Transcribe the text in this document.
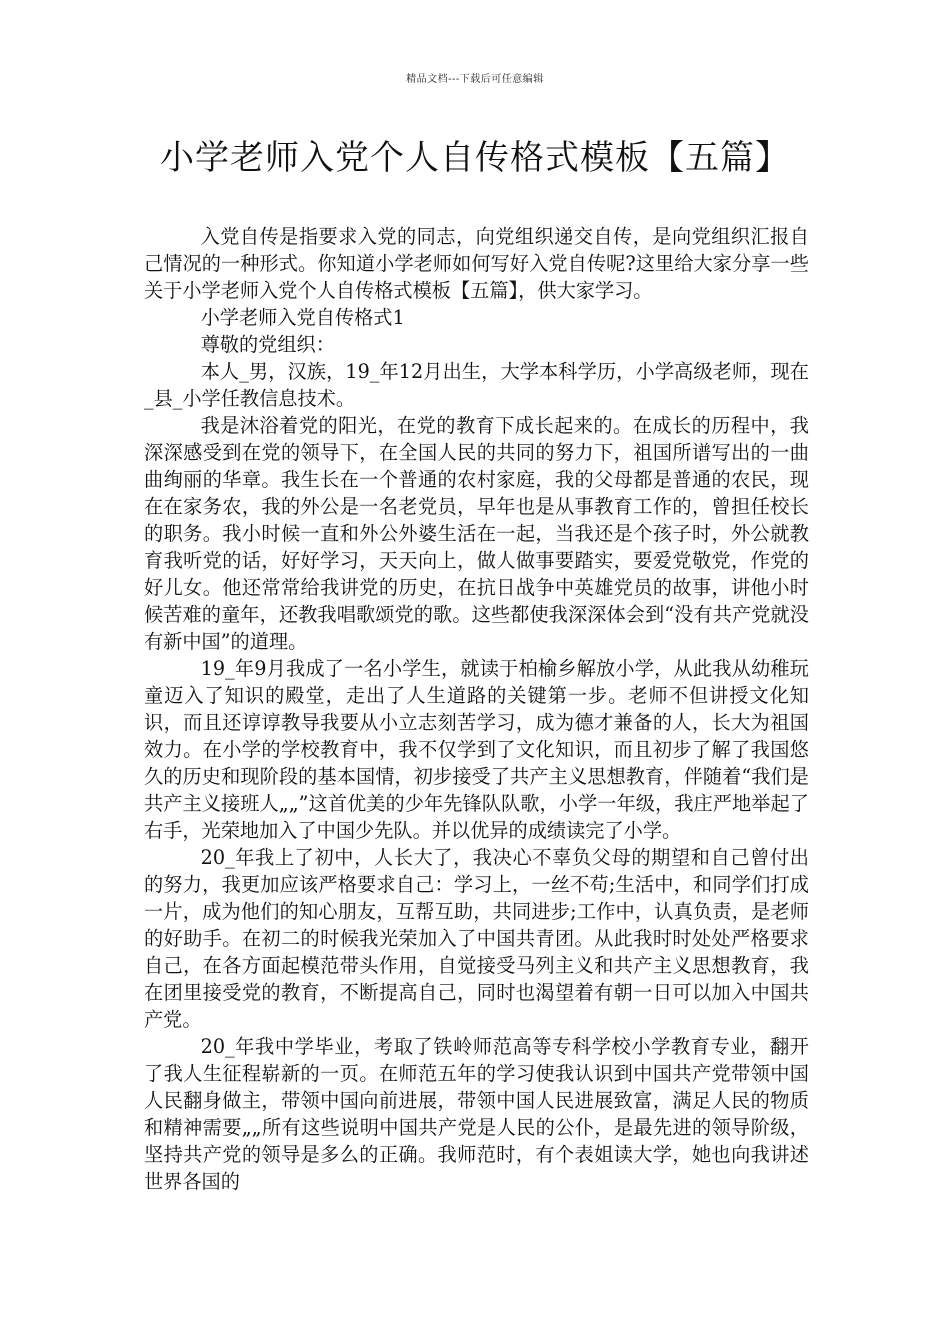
精品文档---下载后可任意编辑
小学老师入党个人自传格式模板【五篇】

入党自传是指要求入党的同志，向党组织递交自传，是向党组织汇报自己情况的一种形式。你知道小学老师如何写好入党自传呢?这里给大家分享一些关于小学老师入党个人自传格式模板【五篇】，供大家学习。

小学老师入党自传格式1

尊敬的党组织：

本人_男，汉族，19_年12月出生，大学本科学历，小学高级老师，现在_县_小学任教信息技术。

我是沐浴着党的阳光，在党的教育下成长起来的。在成长的历程中，我深深感受到在党的领导下，在全国人民的共同的努力下，祖国所谱写出的一曲曲绚丽的华章。我生长在一个普通的农村家庭，我的父母都是普通的农民，现在在家务农，我的外公是一名老党员，早年也是从事教育工作的，曾担任校长的职务。我小时候一直和外公外婆生活在一起，当我还是个孩子时，外公就教育我听党的话，好好学习，天天向上，做人做事要踏实，要爱党敬党，作党的好儿女。他还常常给我讲党的历史，在抗日战争中英雄党员的故事，讲他小时候苦难的童年，还教我唱歌颂党的歌。这些都使我深深体会到“没有共产党就没有新中国”的道理。

19_年9月我成了一名小学生，就读于柏榆乡解放小学，从此我从幼稚玩童迈入了知识的殿堂，走出了人生道路的关键第一步。老师不但讲授文化知识，而且还谆谆教导我要从小立志刻苦学习，成为德才兼备的人，长大为祖国效力。在小学的学校教育中，我不仅学到了文化知识，而且初步了解了我国悠久的历史和现阶段的基本国情，初步接受了共产主义思想教育，伴随着“我们是共产主义接班人„„”这首优美的少年先锋队队歌，小学一年级，我庄严地举起了右手，光荣地加入了中国少先队。并以优异的成绩读完了小学。

20_年我上了初中，人长大了，我决心不辜负父母的期望和自己曾付出的努力，我更加应该严格要求自己：学习上，一丝不苟;生活中，和同学们打成一片，成为他们的知心朋友，互帮互助，共同进步;工作中，认真负责，是老师的好助手。在初二的时候我光荣加入了中国共青团。从此我时时处处严格要求自己，在各方面起模范带头作用，自觉接受马列主义和共产主义思想教育，我在团里接受党的教育，不断提高自己，同时也渴望着有朝一日可以加入中国共产党。

20_年我中学毕业，考取了铁岭师范高等专科学校小学教育专业，翻开了我人生征程崭新的一页。在师范五年的学习使我认识到中国共产党带领中国人民翻身做主，带领中国向前进展，带领中国人民进展致富，满足人民的物质和精神需要„„所有这些说明中国共产党是人民的公仆，是最先进的领导阶级，坚持共产党的领导是多么的正确。我师范时，有个表姐读大学，她也向我讲述世界各国的
